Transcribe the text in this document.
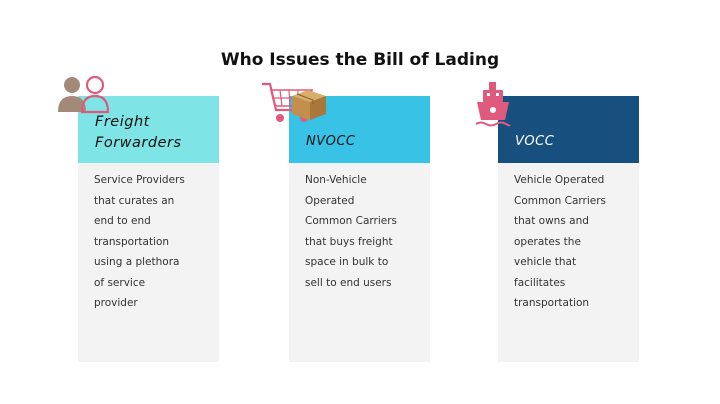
Who Issues the Bill of Lading
Freight
Forwarders
Service Providers
that curates an
end to end
transportation
using a plethora
of service
provider
NVOCC
Non-Vehicle
Operated
Common Carriers
that buys freight
space in bulk to
sell to end users
VOCC
Vehicle Operated
Common Carriers
that owns and
operates the
vehicle that
facilitates
transportation
